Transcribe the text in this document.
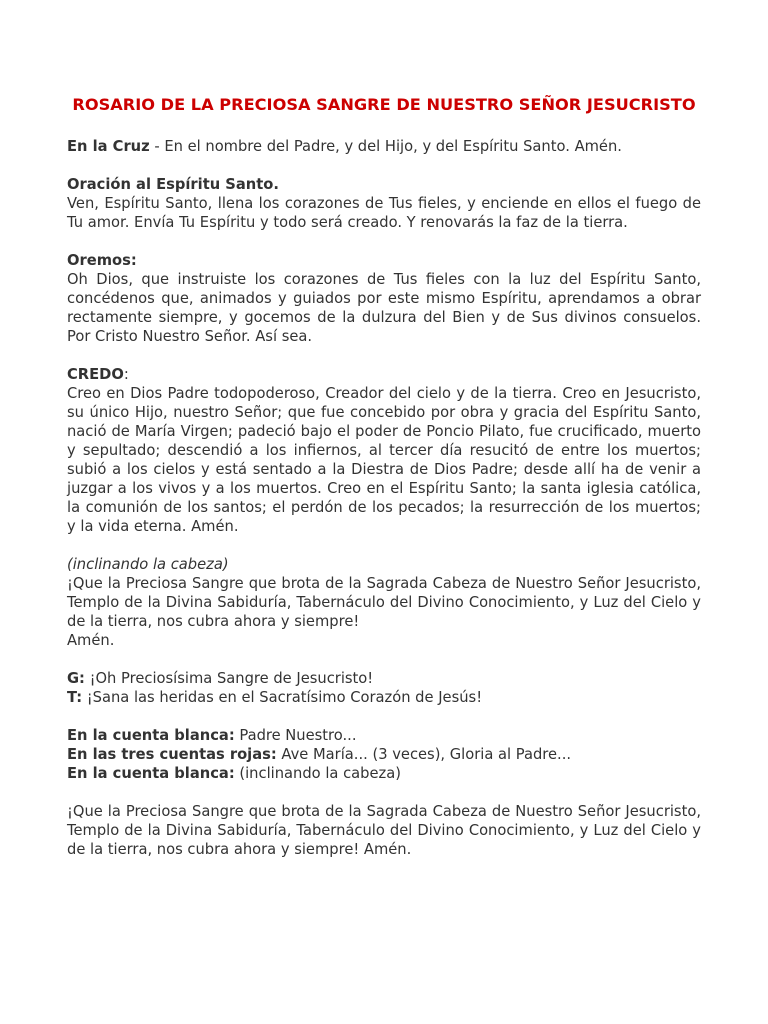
ROSARIO DE LA PRECIOSA SANGRE DE NUESTRO SEÑOR JESUCRISTO

En la Cruz - En el nombre del Padre, y del Hijo, y del Espíritu Santo. Amén.

Oración al Espíritu Santo.
Ven, Espíritu Santo, llena los corazones de Tus fieles, y enciende en ellos el fuego de Tu amor. Envía Tu Espíritu y todo será creado. Y renovarás la faz de la tierra.

Oremos:
Oh Dios, que instruiste los corazones de Tus fieles con la luz del Espíritu Santo, concédenos que, animados y guiados por este mismo Espíritu, aprendamos a obrar rectamente siempre, y gocemos de la dulzura del Bien y de Sus divinos consuelos. Por Cristo Nuestro Señor. Así sea.

CREDO:
Creo en Dios Padre todopoderoso, Creador del cielo y de la tierra. Creo en Jesucristo, su único Hijo, nuestro Señor; que fue concebido por obra y gracia del Espíritu Santo, nació de María Virgen; padeció bajo el poder de Poncio Pilato, fue crucificado, muerto y sepultado; descendió a los infiernos, al tercer día resucitó de entre los muertos; subió a los cielos y está sentado a la Diestra de Dios Padre; desde allí ha de venir a juzgar a los vivos y a los muertos. Creo en el Espíritu Santo; la santa iglesia católica, la comunión de los santos; el perdón de los pecados; la resurrección de los muertos; y la vida eterna. Amén.

(inclinando la cabeza)
¡Que la Preciosa Sangre que brota de la Sagrada Cabeza de Nuestro Señor Jesucristo, Templo de la Divina Sabiduría, Tabernáculo del Divino Conocimiento, y Luz del Cielo y de la tierra, nos cubra ahora y siempre!
Amén.

G: ¡Oh Preciosísima Sangre de Jesucristo!
T: ¡Sana las heridas en el Sacratísimo Corazón de Jesús!

En la cuenta blanca: Padre Nuestro...
En las tres cuentas rojas: Ave María... (3 veces), Gloria al Padre...
En la cuenta blanca: (inclinando la cabeza)

¡Que la Preciosa Sangre que brota de la Sagrada Cabeza de Nuestro Señor Jesucristo, Templo de la Divina Sabiduría, Tabernáculo del Divino Conocimiento, y Luz del Cielo y de la tierra, nos cubra ahora y siempre! Amén.
